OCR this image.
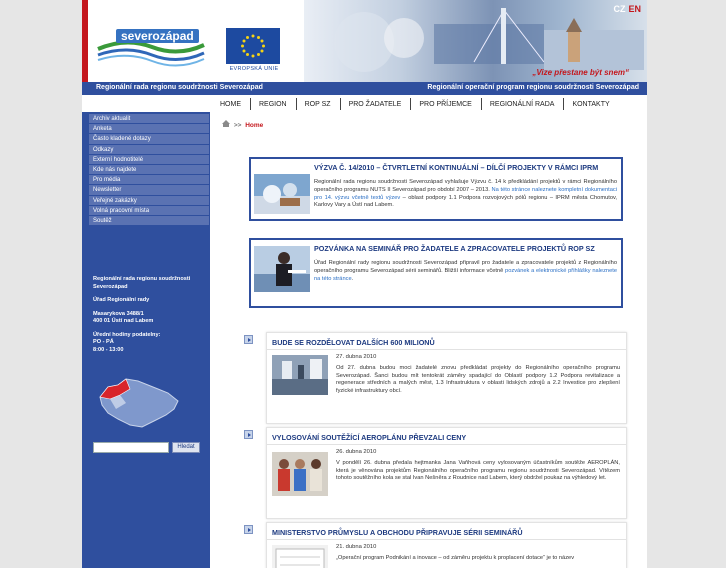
severozápad
EVROPSKÁ UNIE
CZ EN
„Vize přestane být snem“
Regionální rada regionu soudržnosti Severozápad	Regionální operační program regionu soudržnosti Severozápad
HOME	REGION	ROP SZ	PRO ŽADATELE	PRO PŘÍJEMCE	REGIONÁLNÍ RADA	KONTAKTY
Archiv aktualit
Anketa
Často kladené dotazy
Odkazy
Externí hodnotitelé
Kde nás najdete
Pro média
Newsletter
Veřejné zakázky
Volná pracovní místa
Soutěž

Regionální rada regionu soudržnosti Severozápad

Úřad Regionální rady

Masarykova 3488/1
400 01 Ústí nad Labem

Úřední hodiny podatelny:
PO - PÁ
8:00 - 13:00

Hledat
>> Home
VÝZVA Č. 14/2010 – ČTVRTLETNÍ KONTINUÁLNÍ – DÍLČÍ PROJEKTY V RÁMCI IPRM
Regionální rada regionu soudržnosti Severozápad vyhlašuje Výzvu č. 14 k předkládání projektů v rámci Regionálního operačního programu NUTS II Severozápad pro období 2007 – 2013. Na této stránce naleznete kompletní dokumentaci pro 14. výzvu včetně textů výzev – oblast podpory 1.1 Podpora rozvojových pólů regionu – IPRM města Chomutov, Karlovy Vary a Ústí nad Labem.
POZVÁNKA NA SEMINÁŘ PRO ŽADATELE A ZPRACOVATELE PROJEKTŮ ROP SZ
Úřad Regionální rady regionu soudržnosti Severozápad připravil pro žadatele a zpracovatele projektů z Regionálního operačního programu Severozápad sérii seminářů. Bližší informace včetně pozvánek a elektronické přihlášky naleznete na této stránce.
BUDE SE ROZDĚLOVAT DALŠÍCH 600 MILIONŮ
27. dubna 2010
Od 27. dubna budou moci žadatelé znovu předkládat projekty do Regionálního operačního programu Severozápad. Šanci budou mít tentokrát záměry spadající do Oblastí podpory 1.2 Podpora revitalizace a regenerace středních a malých měst, 1.3 Infrastruktura v oblasti lidských zdrojů a 2.2 Investice pro zlepšení fyzické infrastruktury obcí.
VYLOSOVÁNÍ SOUTĚŽÍCÍ AEROPLÁNU PŘEVZALI CENY
26. dubna 2010
V pondělí 26. dubna předala hejtmanka Jana Vaňhová ceny vylosovaným účastníkům soutěže AEROPLÁN, která je věnována projektům Regionálního operačního programu regionu soudržnosti Severozápad. Vítězem tohoto soutěžního kola se stal Ivan Nešněra z Roudnice nad Labem, který obdržel poukaz na výhledový let.
MINISTERSTVO PRŮMYSLU A OBCHODU PŘIPRAVUJE SÉRII SEMINÁŘŮ
21. dubna 2010
„Operační program Podnikání a inovace – od záměru projektu k proplacení dotace“ je to název
